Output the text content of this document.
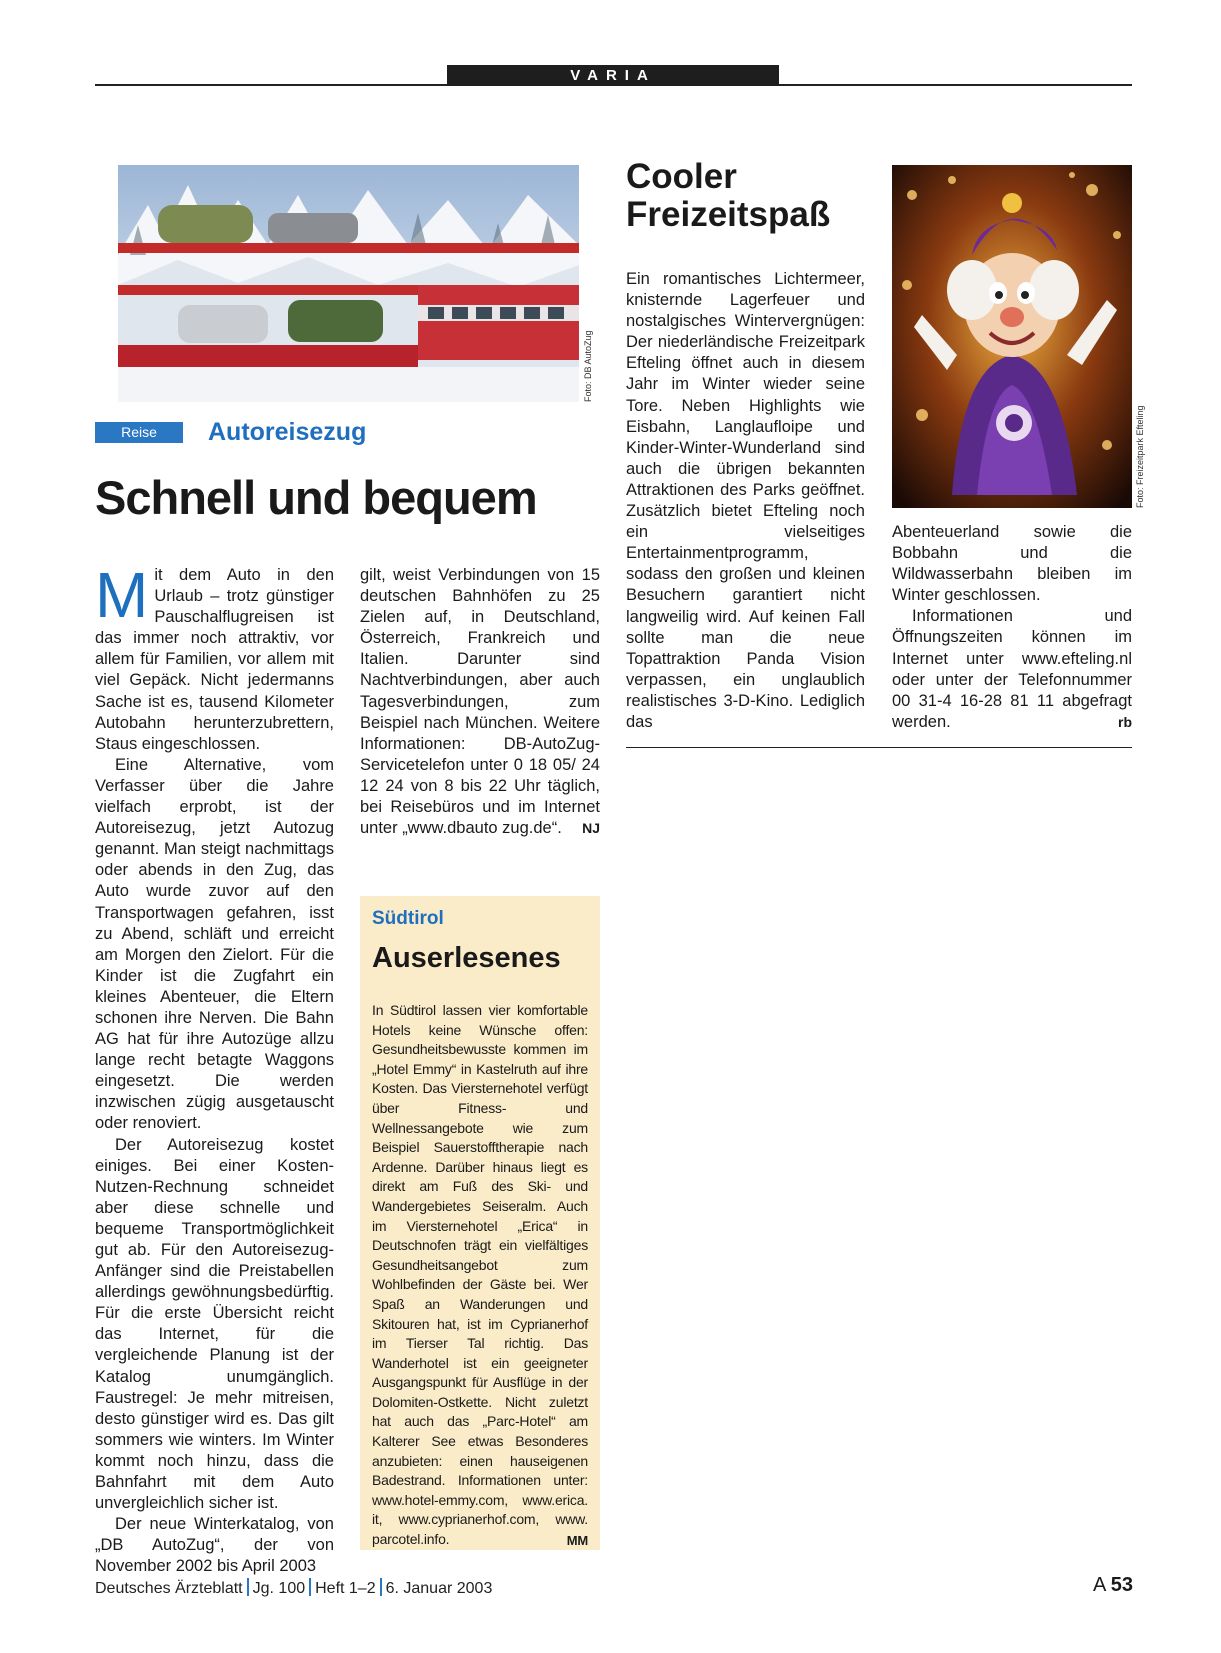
VARIA
Foto: DB AutoZug
Reise	Autoreisezug
Schnell und bequem

Mit dem Auto in den Urlaub – trotz günstiger Pauschalflugreisen ist das immer noch attraktiv, vor allem für Familien, vor allem mit viel Gepäck. Nicht jedermanns Sache ist es, tausend Kilometer Autobahn herunterzubrettern, Staus eingeschlossen.

Eine Alternative, vom Verfasser über die Jahre vielfach erprobt, ist der Autoreisezug, jetzt Autozug genannt. Man steigt nachmittags oder abends in den Zug, das Auto wurde zuvor auf den Transportwagen gefahren, isst zu Abend, schläft und erreicht am Morgen den Zielort. Für die Kinder ist die Zugfahrt ein kleines Abenteuer, die Eltern schonen ihre Nerven. Die Bahn AG hat für ihre Autozüge allzu lange recht betagte Waggons eingesetzt. Die werden inzwischen zügig ausgetauscht oder renoviert.

Der Autoreisezug kostet einiges. Bei einer Kosten-Nutzen-Rechnung schneidet aber diese schnelle und bequeme Transportmöglichkeit gut ab. Für den Autoreisezug-Anfänger sind die Preistabellen allerdings gewöhnungsbedürftig. Für die erste Übersicht reicht das Internet, für die vergleichende Planung ist der Katalog unumgänglich. Faustregel: Je mehr mitreisen, desto günstiger wird es. Das gilt sommers wie winters. Im Winter kommt noch hinzu, dass die Bahnfahrt mit dem Auto unvergleichlich sicher ist.

Der neue Winterkatalog, von „DB AutoZug“, der von November 2002 bis April 2003

gilt, weist Verbindungen von 15 deutschen Bahnhöfen zu 25 Zielen auf, in Deutschland, Österreich, Frankreich und Italien. Darunter sind Nachtverbindungen, aber auch Tagesverbindungen, zum Beispiel nach München. Weitere Informationen: DB-AutoZug-Servicetelefon unter 0 18 05/ 24 12 24 von 8 bis 22 Uhr täglich, bei Reisebüros und im Internet unter „www.dbauto zug.de“.	NJ
Südtirol
Auserlesenes

In Südtirol lassen vier komfortable Hotels keine Wünsche offen: Gesundheitsbewusste kommen im „Hotel Emmy“ in Kastelruth auf ihre Kosten. Das Viersternehotel verfügt über Fitness- und Wellnessangebote wie zum Beispiel Sauerstofftherapie nach Ardenne. Darüber hinaus liegt es direkt am Fuß des Ski- und Wandergebietes Seiseralm. Auch im Viersternehotel „Erica“ in Deutschnofen trägt ein vielfältiges Gesundheitsangebot zum Wohlbefinden der Gäste bei. Wer Spaß an Wanderungen und Skitouren hat, ist im Cyprianerhof im Tierser Tal richtig. Das Wanderhotel ist ein geeigneter Ausgangspunkt für Ausflüge in der Dolomiten-Ostkette. Nicht zuletzt hat auch das „Parc-Hotel“ am Kalterer See etwas Besonderes anzubieten: einen hauseigenen Badestrand. Informationen unter: www.hotel-emmy.com, www.erica. it, www.cyprianerhof.com, www. parcotel.info.	MM
Cooler
Freizeitspaß
Foto: Freizeitpark Efteling

Ein romantisches Lichtermeer, knisternde Lagerfeuer und nostalgisches Wintervergnügen: Der niederländische Freizeitpark Efteling öffnet auch in diesem Jahr im Winter wieder seine Tore. Neben Highlights wie Eisbahn, Langlaufloipe und Kinder-Winter-Wunderland sind auch die übrigen bekannten Attraktionen des Parks geöffnet. Zusätzlich bietet Efteling noch ein vielseitiges Entertainmentprogramm, sodass den großen und kleinen Besuchern garantiert nicht langweilig wird. Auf keinen Fall sollte man die neue Topattraktion Panda Vision verpassen, ein unglaublich realistisches 3-D-Kino. Lediglich das

Abenteuerland sowie die Bobbahn und die Wildwasserbahn bleiben im Winter geschlossen.

Informationen und Öffnungszeiten können im Internet unter www.efteling.nl oder unter der Telefonnummer 00 31-4 16-28 81 11 abgefragt werden.	rb
Deutsches Ärzteblatt Jg. 100 Heft 1–2 6. Januar 2003	A 53
